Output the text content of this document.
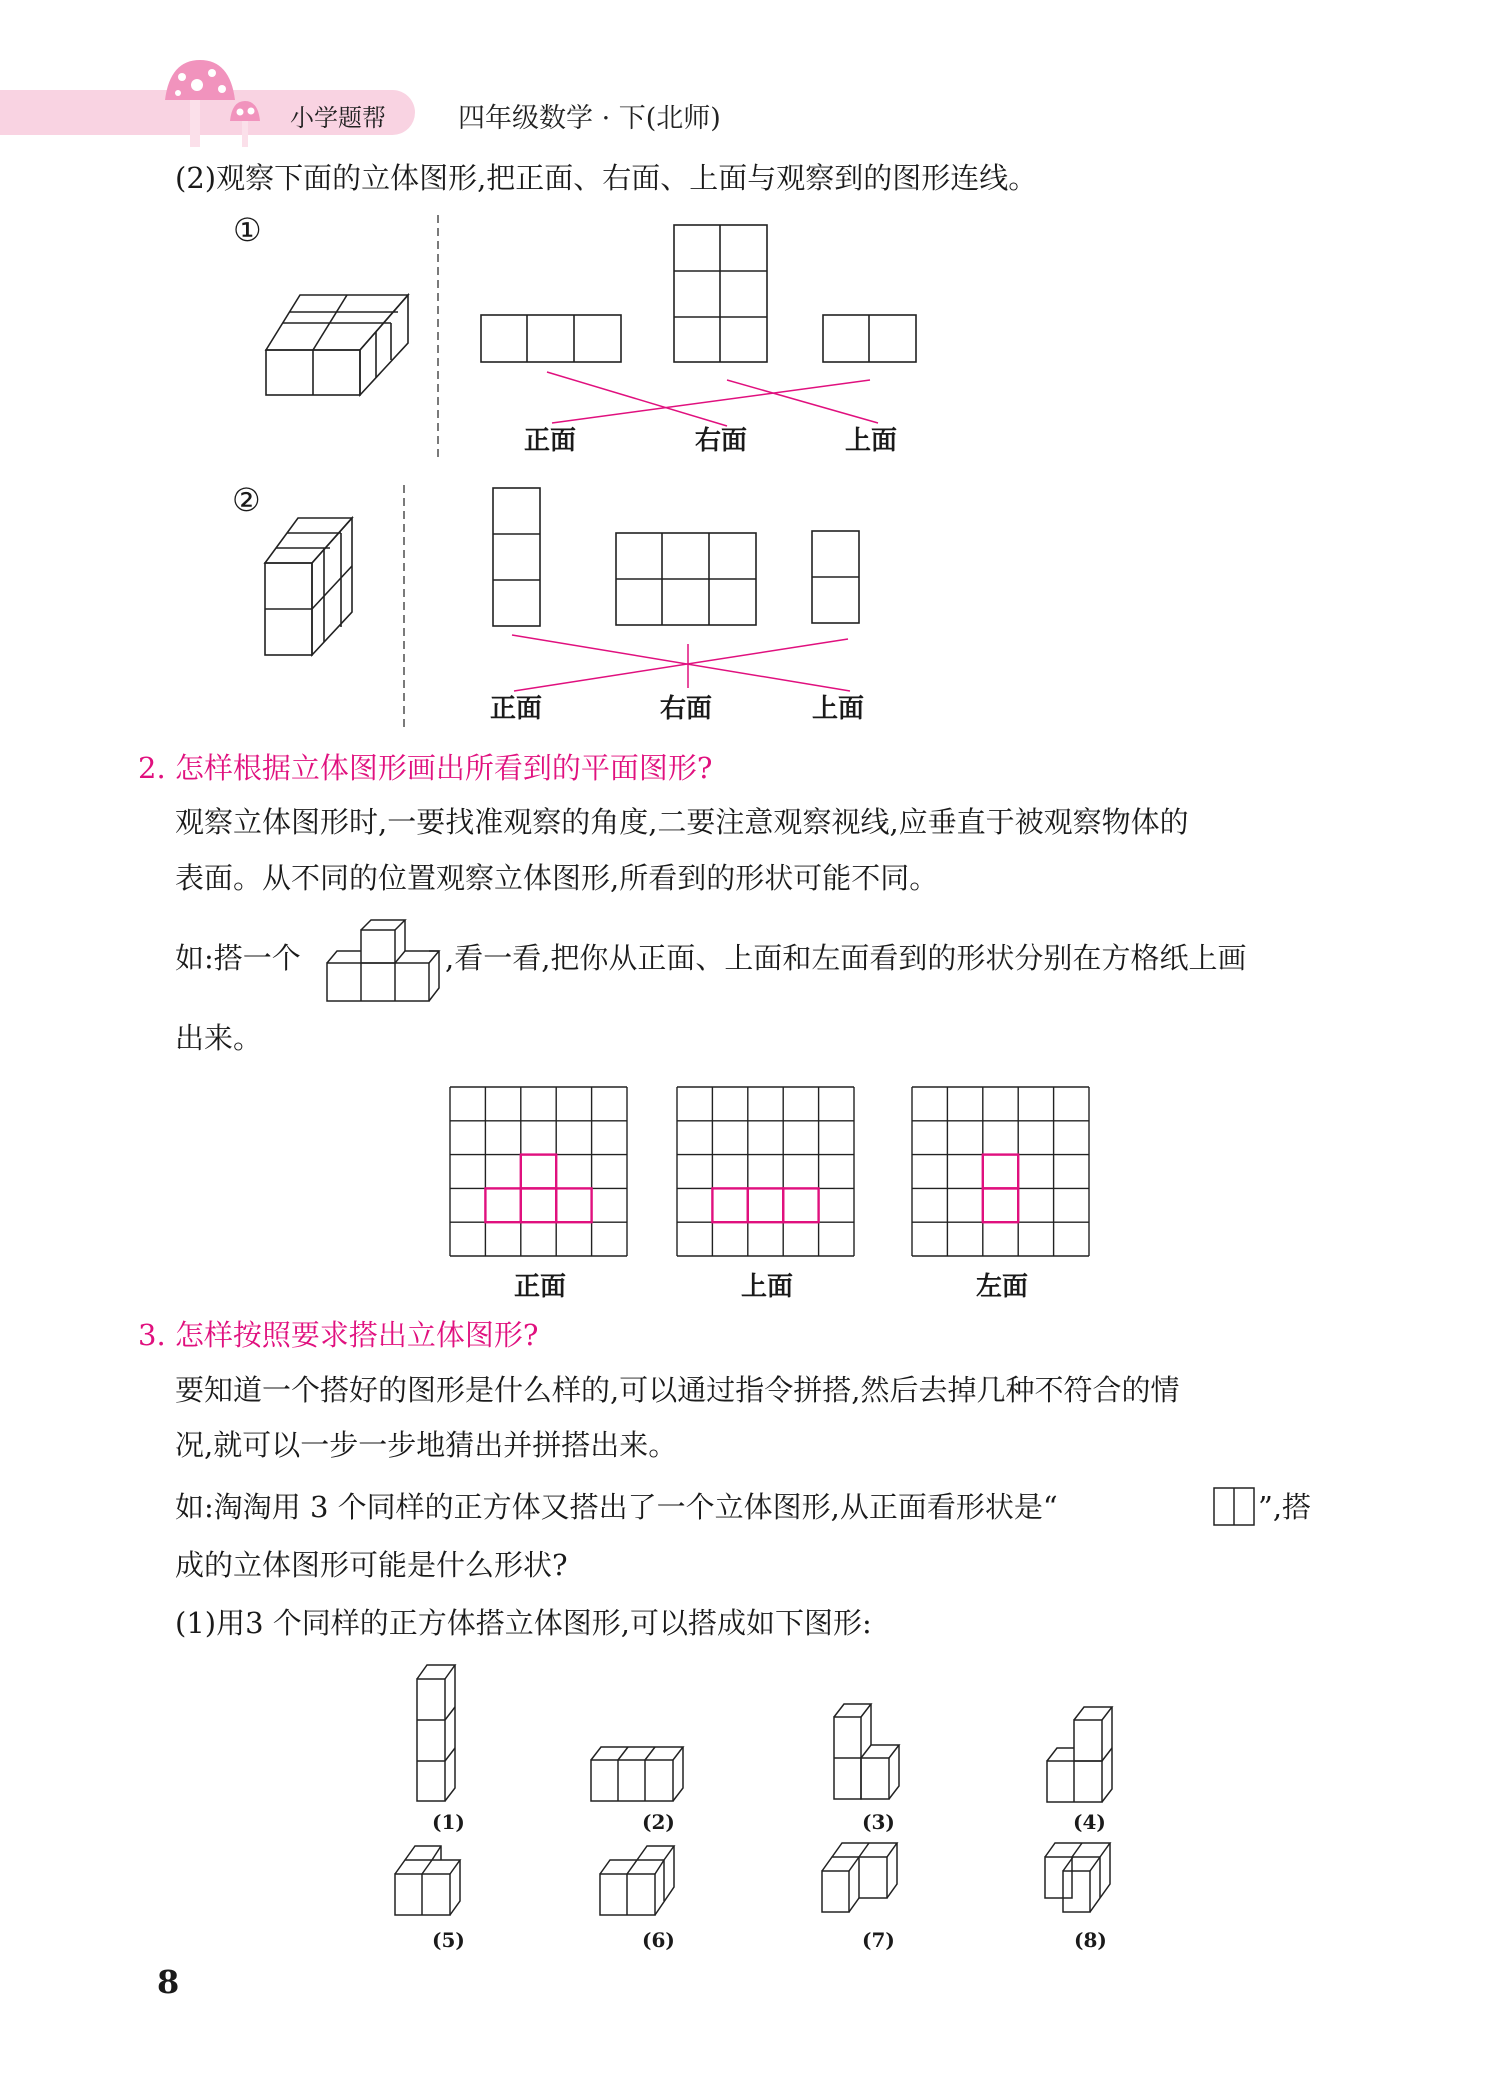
小学题帮	四年级数学 · 下(北师)
(2)观察下面的立体图形,把正面、右面、上面与观察到的图形连线。
①
正面	右面	上面
②
正面	右面	上面
2. 怎样根据立体图形画出所看到的平面图形?
观察立体图形时,一要找准观察的角度,二要注意观察视线,应垂直于被观察物体的
表面。从不同的位置观察立体图形,所看到的形状可能不同。
如:搭一个	,看一看,把你从正面、上面和左面看到的形状分别在方格纸上画
出来。
正面	上面	左面
3. 怎样按照要求搭出立体图形?
要知道一个搭好的图形是什么样的,可以通过指令拼搭,然后去掉几种不符合的情
况,就可以一步一步地猜出并拼搭出来。
如:淘淘用 3 个同样的正方体又搭出了一个立体图形,从正面看形状是“	”,搭
成的立体图形可能是什么形状?
(1)用3 个同样的正方体搭立体图形,可以搭成如下图形:
(1)	(2)	(3)	(4)
(5)	(6)	(7)	(8)
8
